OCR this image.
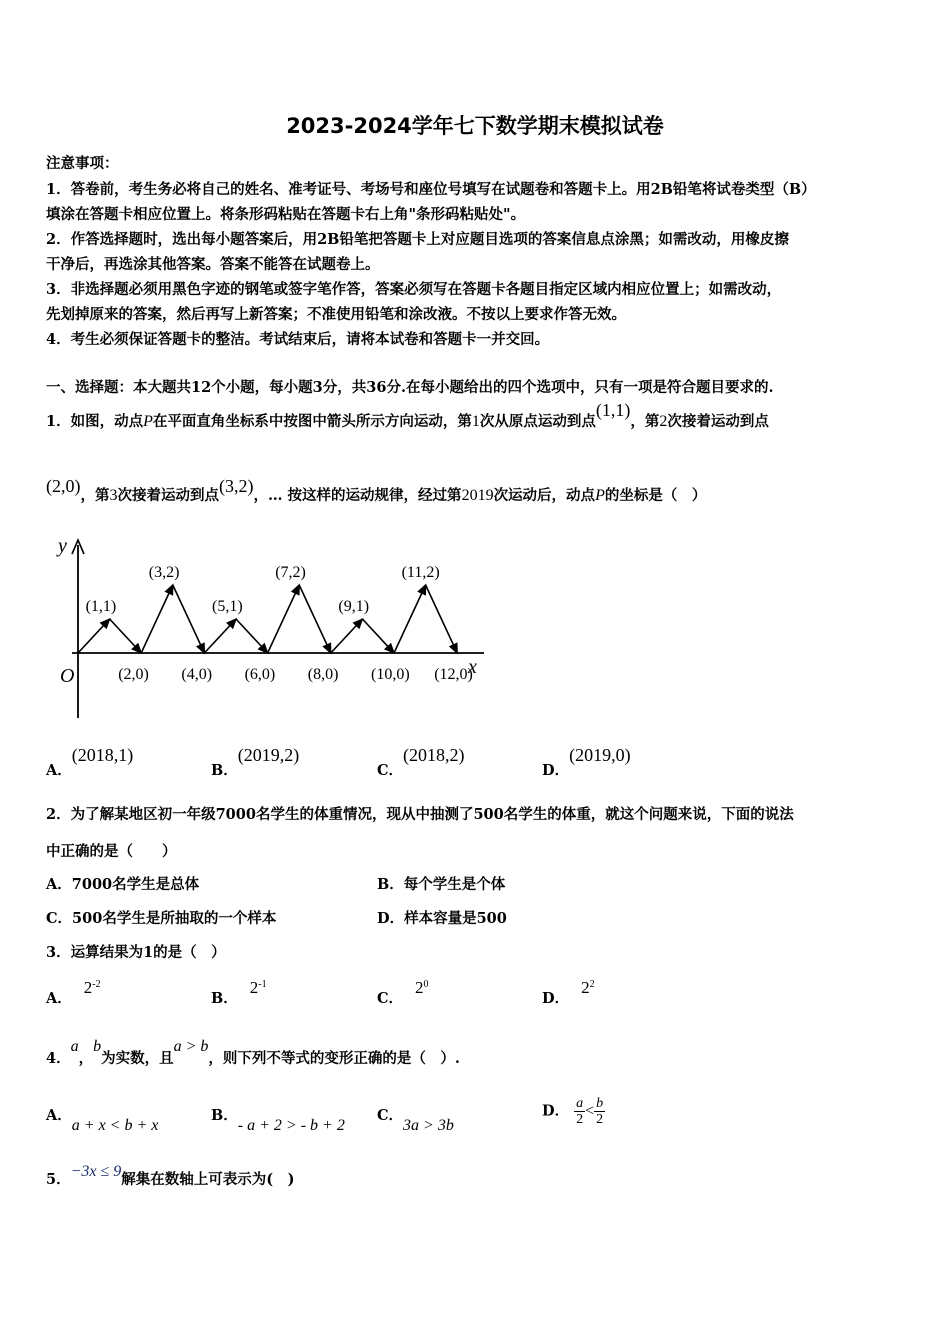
2023-2024学年七下数学期末模拟试卷
注意事项：
1．答卷前，考生务必将自己的姓名、准考证号、考场号和座位号填写在试题卷和答题卡上。用2B铅笔将试卷类型（B）
填涂在答题卡相应位置上。将条形码粘贴在答题卡右上角"条形码粘贴处"。
2．作答选择题时，选出每小题答案后，用2B铅笔把答题卡上对应题目选项的答案信息点涂黑；如需改动，用橡皮擦
干净后，再选涂其他答案。答案不能答在试题卷上。
3．非选择题必须用黑色字迹的钢笔或签字笔作答，答案必须写在答题卡各题目指定区域内相应位置上；如需改动，
先划掉原来的答案，然后再写上新答案；不准使用铅笔和涂改液。不按以上要求作答无效。
4．考生必须保证答题卡的整洁。考试结束后，请将本试卷和答题卡一并交回。
一、选择题：本大题共12个小题，每小题3分，共36分.在每小题给出的四个选项中，只有一项是符合题目要求的.
1．如图，动点P在平面直角坐标系中按图中箭头所示方向运动，第1次从原点运动到点(1,1)，第2次接着运动到点
(2,0)，第3次接着运动到点(3,2)，… 按这样的运动规律，经过第2019次运动后，动点P的坐标是（　）
y
x
O
(1,1)
(3,2)
(5,1)
(7,2)
(9,1)
(11,2)
(2,0) (4,0) (6,0) (8,0) (10,0) (12,0)
A．(2018,1)
B．(2019,2)
C．(2018,2)
D．(2019,0)
2．为了解某地区初一年级7000名学生的体重情况，现从中抽测了500名学生的体重，就这个问题来说，下面的说法
中正确的是（　　）
A．7000名学生是总体	B．每个学生是个体
C．500名学生是所抽取的一个样本	D．样本容量是500
3．运算结果为1的是（　）
A．$2^{-2}$
B．$2^{-1}$
C．$2^0$
D．$2^2$
4．a，b为实数，且a > b，则下列不等式的变形正确的是（　）.
A．a + x < b + x
B．- a + 2 > - b + 2
C．3a > 3b
D． $\frac{a}{2} < \frac{b}{2}$
5．−3x ≤ 9解集在数轴上可表示为(　)
